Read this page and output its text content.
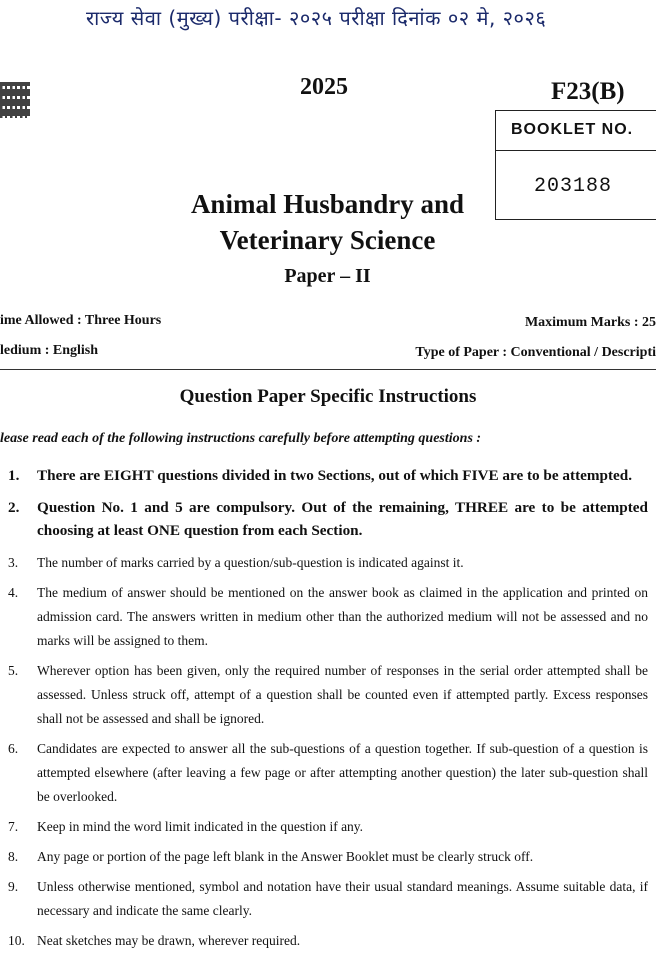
राज्य सेवा (मुख्य) परीक्षा- २०२५ परीक्षा दिनांक ०२ मे, २०२६
2025	F23(B)
BOOKLET NO.
203188
Animal Husbandry and
Veterinary Science
Paper – II
ime Allowed : Three Hours	Maximum Marks : 25
ledium : English	Type of Paper : Conventional / Descripti
Question Paper Specific Instructions
lease read each of the following instructions carefully before attempting questions :
1. There are EIGHT questions divided in two Sections, out of which FIVE are to be attempted.
2. Question No. 1 and 5 are compulsory. Out of the remaining, THREE are to be attempted choosing at least ONE question from each Section.
3. The number of marks carried by a question/sub-question is indicated against it.
4. The medium of answer should be mentioned on the answer book as claimed in the application and printed on admission card. The answers written in medium other than the authorized medium will not be assessed and no marks will be assigned to them.
5. Wherever option has been given, only the required number of responses in the serial order attempted shall be assessed. Unless struck off, attempt of a question shall be counted even if attempted partly. Excess responses shall not be assessed and shall be ignored.
6. Candidates are expected to answer all the sub-questions of a question together. If sub-question of a question is attempted elsewhere (after leaving a few page or after attempting another question) the later sub-question shall be overlooked.
7. Keep in mind the word limit indicated in the question if any.
8. Any page or portion of the page left blank in the Answer Booklet must be clearly struck off.
9. Unless otherwise mentioned, symbol and notation have their usual standard meanings. Assume suitable data, if necessary and indicate the same clearly.
10. Neat sketches may be drawn, wherever required.
